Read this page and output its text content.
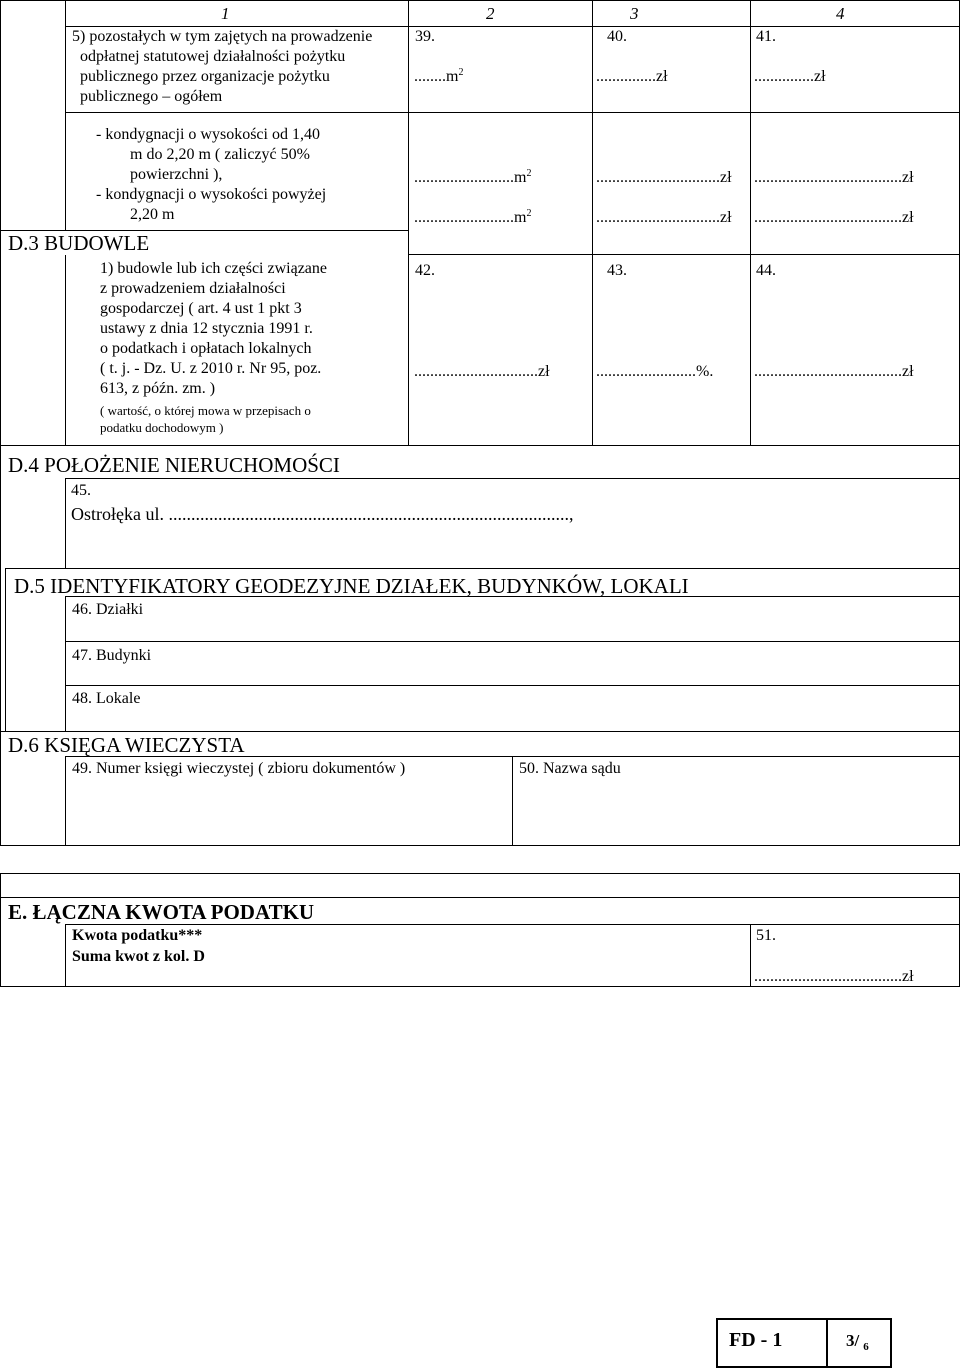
1	2	3	4
5) pozostałych w tym zajętych na prowadzenie
odpłatnej statutowej działalności pożytku
publicznego przez organizacje pożytku
publicznego – ogółem
39.	40.	41.
$........m^2$	...............zł	...............zł
- kondygnacji o wysokości od 1,40
m do 2,20 m ( zaliczyć 50%
powierzchni ),
- kondygnacji o wysokości powyżej
2,20 m
$.........................m^2$	...............................zł .....................................zł
$.........................m^2$	...............................zł .....................................zł
D.3 BUDOWLE
1) budowle lub ich części związane
z prowadzeniem działalności
gospodarczej ( art. 4 ust 1 pkt 3
ustawy z dnia 12 stycznia 1991 r.
o podatkach i opłatach lokalnych
( t. j. - Dz. U. z 2010 r. Nr 95, poz.
613, z późn. zm. )
( wartość, o której mowa w przepisach o
podatku dochodowym )
42.	43.	44.
...............................zł	.........................%.	.....................................zł
D.4 POŁOŻENIE NIERUCHOMOŚCI
45.
Ostrołęka ul. .........................................................................................,
D.5 IDENTYFIKATORY GEODEZYJNE DZIAŁEK, BUDYNKÓW, LOKALI
46. Działki
47. Budynki
48. Lokale
D.6 KSIĘGA WIECZYSTA
49. Numer księgi wieczystej ( zbioru dokumentów )	50. Nazwa sądu
E. ŁĄCZNA KWOTA PODATKU
Kwota podatku***
Suma kwot z kol. D
51.
.....................................zł
FD - 1	3/ $_6$
